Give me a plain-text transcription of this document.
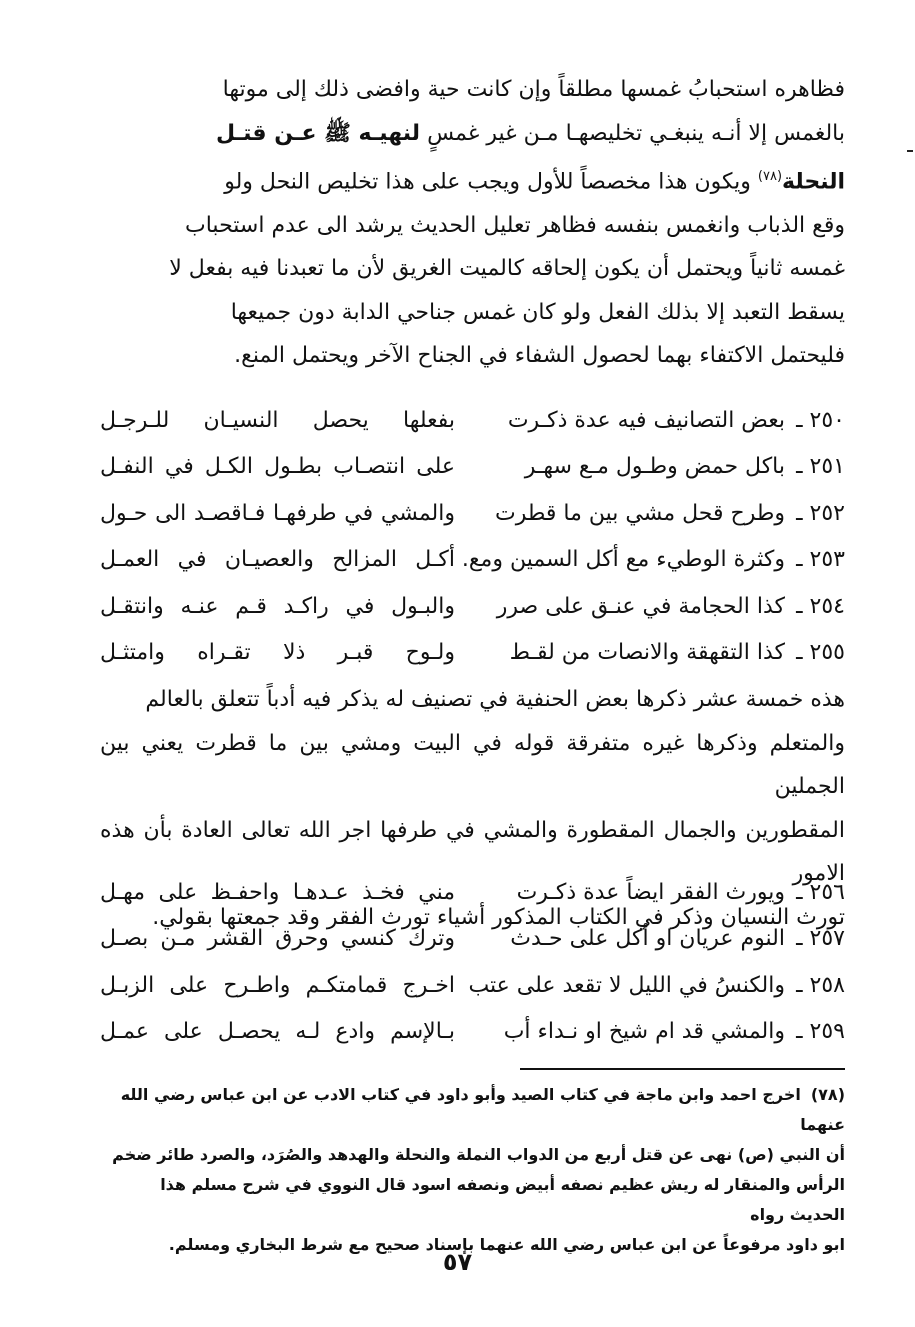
فظاهره استحبابُ غمسها مطلقاً وإن كانت حية وافضى ذلك إلى موتها

بالغمس إلا أنـه ينبغـي تخليصهـا مـن غير غمسٍ لنهيـه ﷺ عـن قتـل

النحلة$^{(٧٨)}$ ويكون هذا مخصصاً للأول ويجب على هذا تخليص النحل ولو

وقع الذباب وانغمس بنفسه فظاهر تعليل الحديث يرشد الى عدم استحباب

غمسه ثانياً ويحتمل أن يكون إلحاقه كالميت الغريق لأن ما تعبدنا فيه بفعل لا

يسقط التعبد إلا بذلك الفعل ولو كان غمس جناحي الدابة دون جميعها

فليحتمل الاكتفاء بهما لحصول الشفاء في الجناح الآخر ويحتمل المنع.

٢٥٠ ـ
بعض التصانيف فيه عدة ذكـرت
بفعلها يحصل النسيـان للـرجـل
٢٥١ ـ
باكل حمض وطـول مـع سهـر
على انتصـاب بطـول الكـل في النفـل
٢٥٢ ـ
وطرح قحل مشي بين ما قطرت
والمشي في طرفهـا فـاقصـد الى حـول
٢٥٣ ـ
وكثرة الوطيء مع أكل السمين ومع.
أكـل المزالح والعصيـان في العمـل
٢٥٤ ـ
كذا الحجامة في عنـق على صرر
والبـول في راكـد قـم عنـه وانتقـل
٢٥٥ ـ
كذا التقهقة والانصات من لقـط
ولـوح قبـر ذلا تقـراه وامتثـل

هذه خمسة عشر ذكرها بعض الحنفية في تصنيف له يذكر فيه أدباً تتعلق بالعالم

والمتعلم وذكرها غيره متفرقة قوله في البيت ومشي بين ما قطرت يعني بين الجملين

المقطورين والجمال المقطورة والمشي في طرفها اجر الله تعالى العادة بأن هذه الامور

تورث النسيان وذكر في الكتاب المذكور أشياء تورث الفقر وقد جمعتها بقولي.

٢٥٦ ـ
ويورث الفقر ايضاً عدة ذكـرت
مني فخـذ عـدهـا واحفـظ على مهـل
٢٥٧ ـ
النوم عريان او أكل على حـدث
وترك كنسي وحرق القشر مـن بصـل
٢٥٨ ـ
والكنسُ في الليل لا تقعد على عتب
اخـرج قمامتكـم واطـرح على الزبـل
٢٥٩ ـ
والمشي قد ام شيخ او نـداء أب
بـالإسم وادع لـه يحصـل على عمـل
(٧٨)اخرج احمد وابن ماجة في كتاب الصيد وأبو داود في كتاب الادب عن ابن عباس رضي الله عنهما
أن النبي (ص) نهى عن قتل أربع من الدواب النملة والنحلة والهدهد والصُرَد، والصرد طائر ضخم
الرأس والمنقار له ريش عظيم نصفه أبيض ونصفه اسود قال النووي في شرح مسلم هذا الحديث رواه
ابو داود مرفوعاً عن ابن عباس رضي الله عنهما بإسناد صحيح مع شرط البخاري ومسلم.
٥٧
